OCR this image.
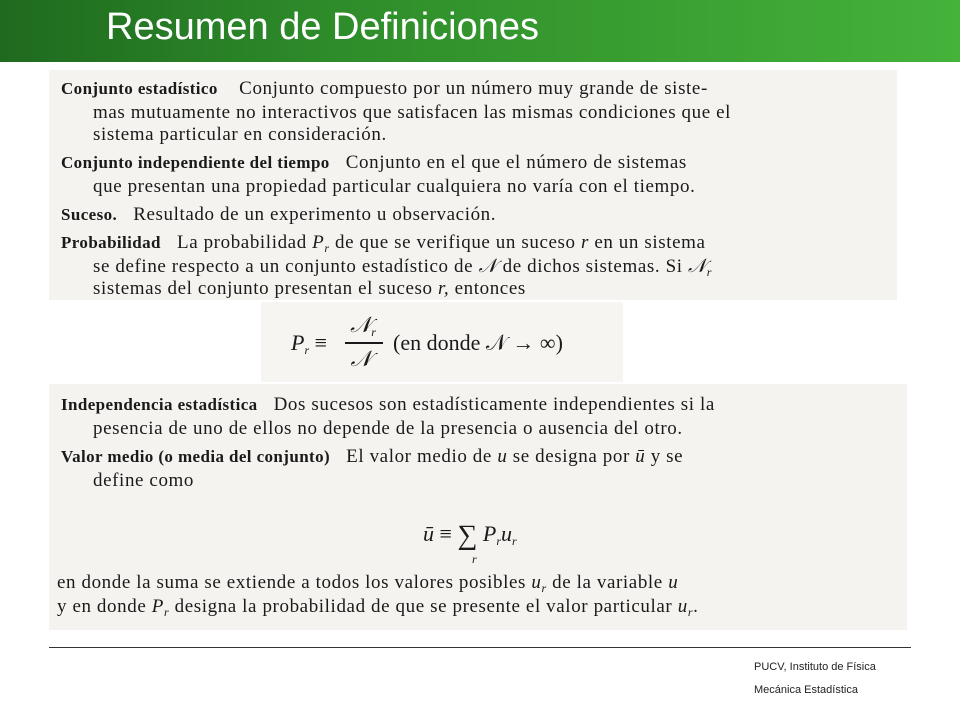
Resumen de Definiciones
Conjunto estadístico Conjunto compuesto por un número muy grande de siste-
mas mutuamente no interactivos que satisfacen las mismas condiciones que el
sistema particular en consideración.
Conjunto independiente del tiempo Conjunto en el que el número de sistemas
que presentan una propiedad particular cualquiera no varía con el tiempo.
Suceso. Resultado de un experimento u observación.
Probabilidad La probabilidad $P_r$ de que se verifique un suceso r en un sistema
se define respecto a un conjunto estadístico de 𝒩 de dichos sistemas. Si 𝒩$_r$
sistemas del conjunto presentan el suceso r, entonces
$P_r$ ≡
𝒩$_r$
𝒩
(en donde 𝒩 → ∞)
Independencia estadística Dos sucesos son estadísticamente independientes si la
pesencia de uno de ellos no depende de la presencia o ausencia del otro.
Valor medio (o media del conjunto) El valor medio de u se designa por ū y se
define como
ū ≡ ∑ $P_ru_r$
r
en donde la suma se extiende a todos los valores posibles $u_r$ de la variable u
y en donde $P_r$ designa la probabilidad de que se presente el valor particular $u_r$.
PUCV, Instituto de Física
Mecánica Estadística
